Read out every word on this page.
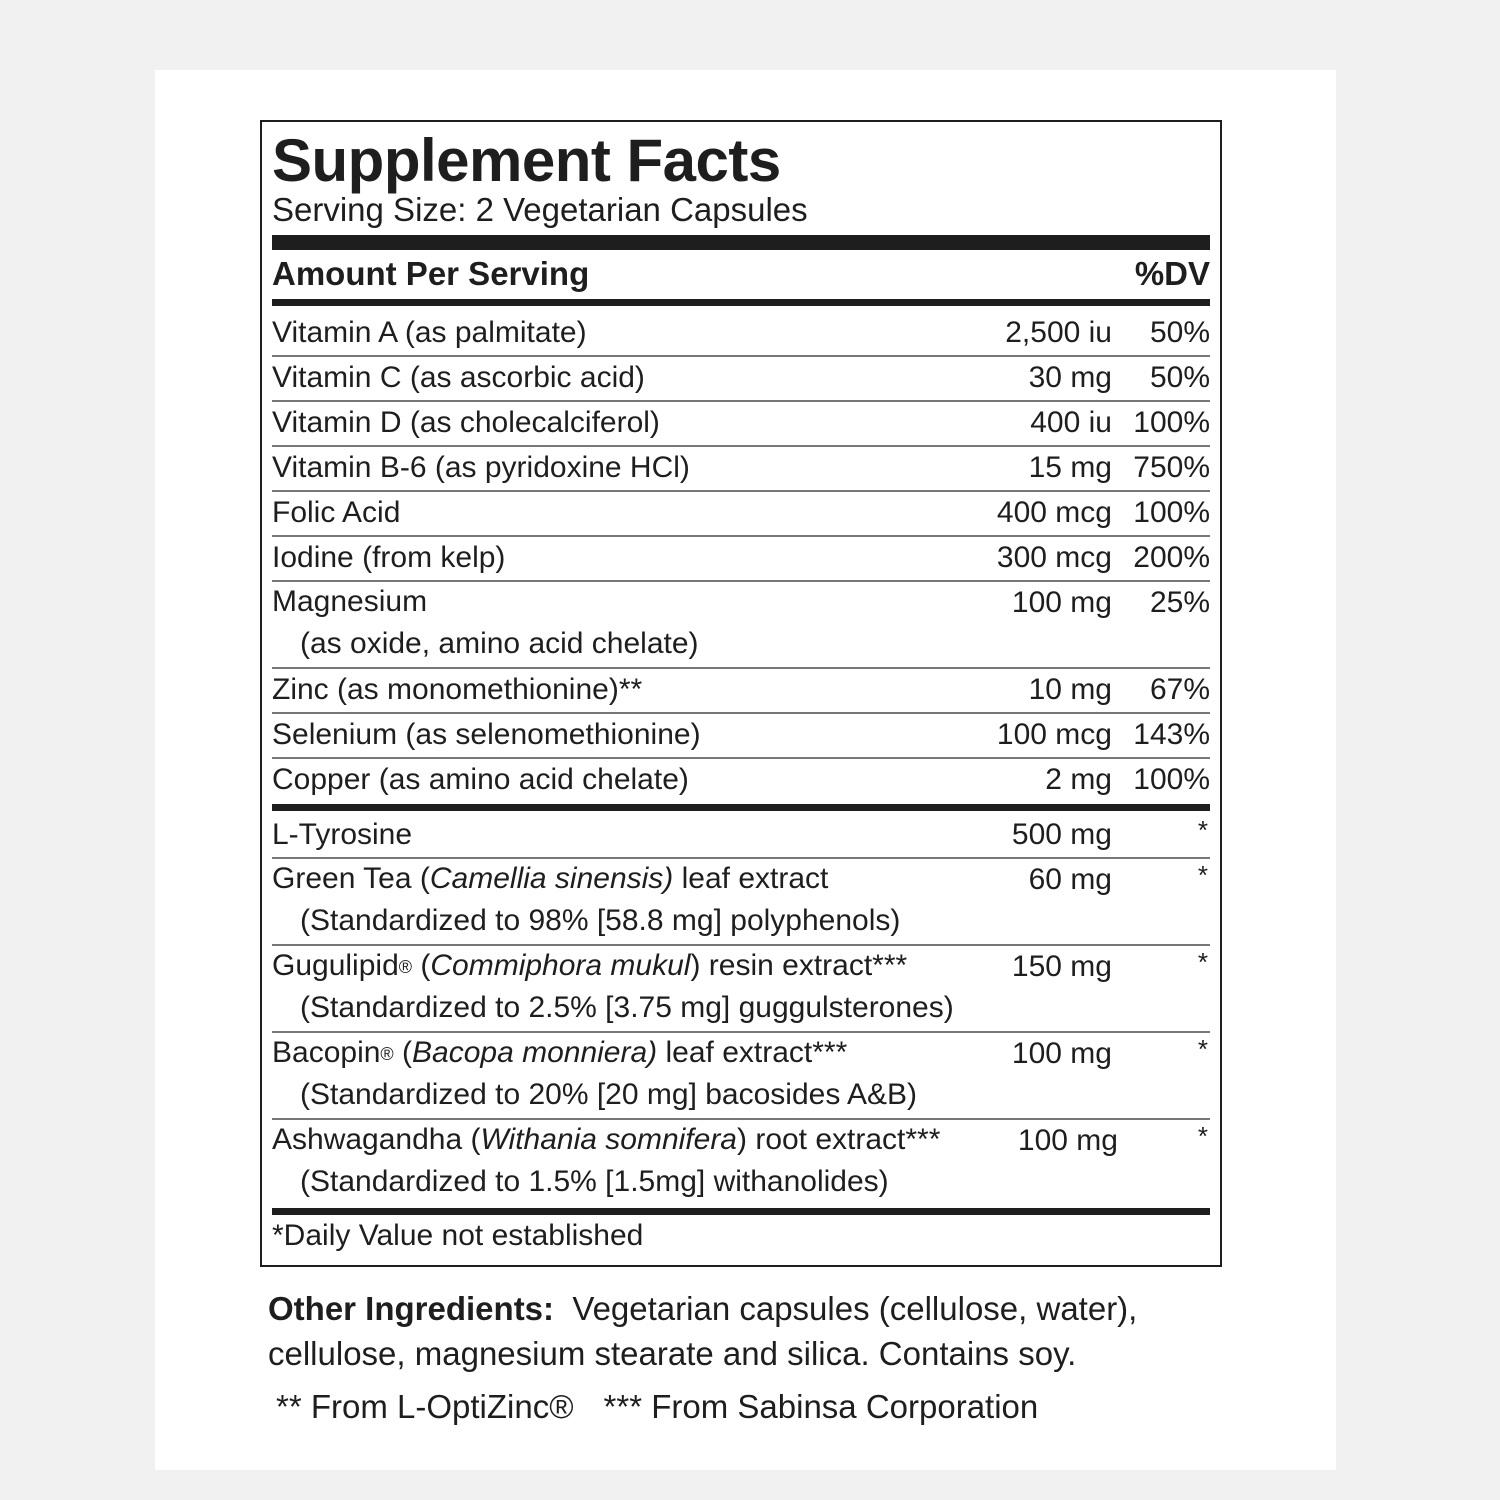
Supplement Facts
Serving Size: 2 Vegetarian Capsules
Amount Per Serving	%DV
Vitamin A (as palmitate)	2,500 iu 50%
Vitamin C (as ascorbic acid)	30 mg 50%
Vitamin D (as cholecalciferol)	400 iu 100%
Vitamin B-6 (as pyridoxine HCl)	15 mg 750%
Folic Acid	400 mcg 100%
Iodine (from kelp)	300 mcg 200%
Magnesium
(as oxide, amino acid chelate)
100 mg 25%
Zinc (as monomethionine)**	10 mg 67%
Selenium (as selenomethionine)	100 mcg 143%
Copper (as amino acid chelate)	2 mg 100%
L-Tyrosine	500 mg	*
Green Tea (Camellia sinensis) leaf extract
(Standardized to 98% [58.8 mg] polyphenols)
60 mg	*
Gugulipid® (Commiphora mukul) resin extract***
(Standardized to 2.5% [3.75 mg] guggulsterones)
150 mg	*
Bacopin® (Bacopa monniera) leaf extract***
(Standardized to 20% [20 mg] bacosides A&B)
100 mg	*
Ashwagandha (Withania somnifera) root extract***
(Standardized to 1.5% [1.5mg] withanolides)
100 mg	*
*Daily Value not established
Other Ingredients: Vegetarian capsules (cellulose, water), cellulose, magnesium stearate and silica. Contains soy.
** From L-OptiZinc® *** From Sabinsa Corporation
